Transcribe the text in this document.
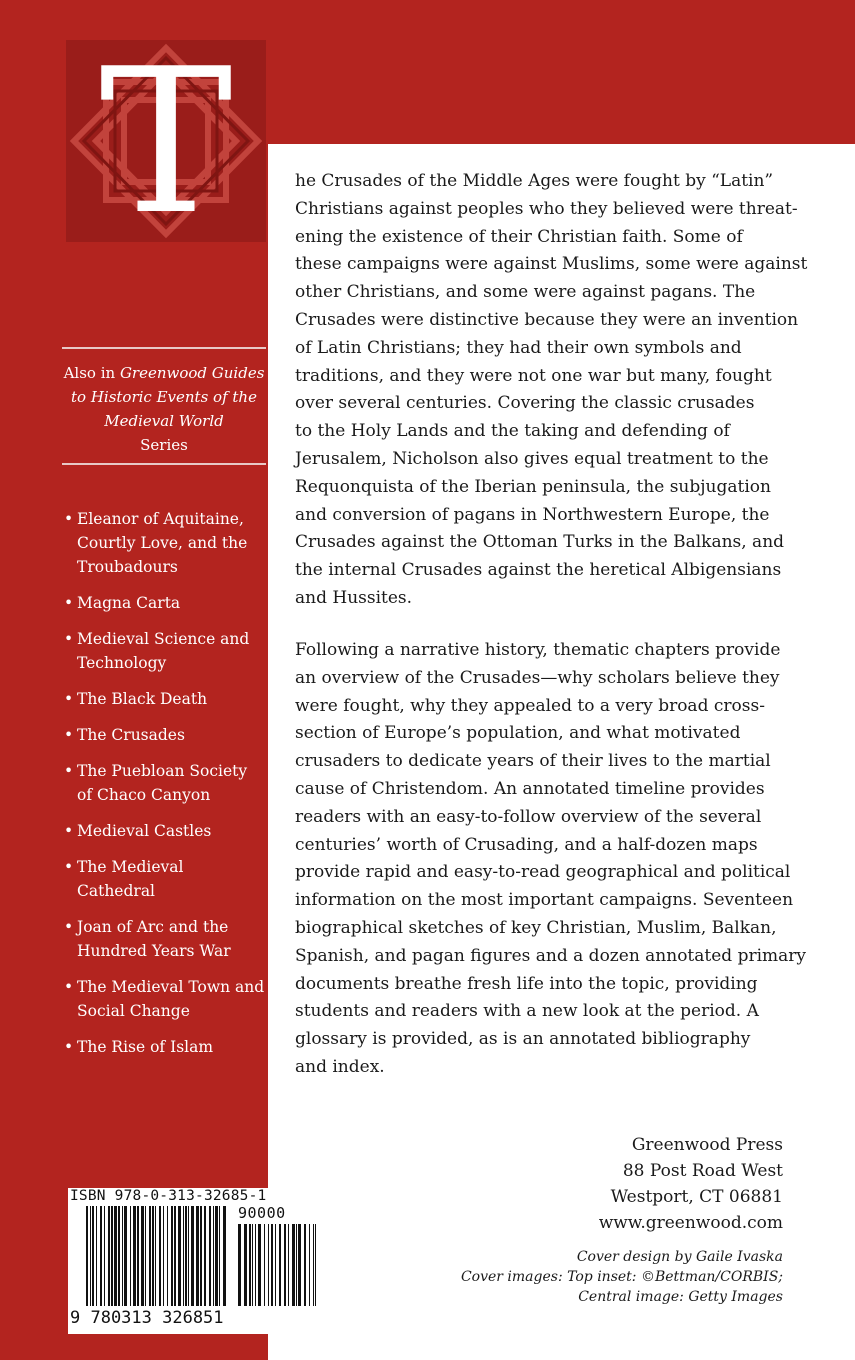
T
Also in Greenwood Guides to Historic Events of the Medieval World
Series
• Eleanor of Aquitaine, Courtly Love, and the Troubadours
• Magna Carta
• Medieval Science and Technology
• The Black Death
• The Crusades
• The Puebloan Society of Chaco Canyon
• Medieval Castles
• The Medieval Cathedral
• Joan of Arc and the Hundred Years War
• The Medieval Town and Social Change
• The Rise of Islam

he Crusades of the Middle Ages were fought by “Latin”
Christians against peoples who they believed were threat-
ening the existence of their Christian faith. Some of
these campaigns were against Muslims, some were against
other Christians, and some were against pagans. The
Crusades were distinctive because they were an invention
of Latin Christians; they had their own symbols and
traditions, and they were not one war but many, fought
over several centuries. Covering the classic crusades
to the Holy Lands and the taking and defending of
Jerusalem, Nicholson also gives equal treatment to the
Requonquista of the Iberian peninsula, the subjugation
and conversion of pagans in Northwestern Europe, the
Crusades against the Ottoman Turks in the Balkans, and
the internal Crusades against the heretical Albigensians
and Hussites.

Following a narrative history, thematic chapters provide
an overview of the Crusades—why scholars believe they
were fought, why they appealed to a very broad cross-
section of Europe’s population, and what motivated
crusaders to dedicate years of their lives to the martial
cause of Christendom. An annotated timeline provides
readers with an easy-to-follow overview of the several
centuries’ worth of Crusading, and a half-dozen maps
provide rapid and easy-to-read geographical and political
information on the most important campaigns. Seventeen
biographical sketches of key Christian, Muslim, Balkan,
Spanish, and pagan figures and a dozen annotated primary
documents breathe fresh life into the topic, providing
students and readers with a new look at the period. A
glossary is provided, as is an annotated bibliography
and index.

Greenwood Press
88 Post Road West
Westport, CT 06881
www.greenwood.com
Cover design by Gaile Ivaska
Cover images: Top inset: ©Bettman/CORBIS;
Central image: Getty Images
ISBN 978-0-313-32685-1
90000
9 780313 326851
